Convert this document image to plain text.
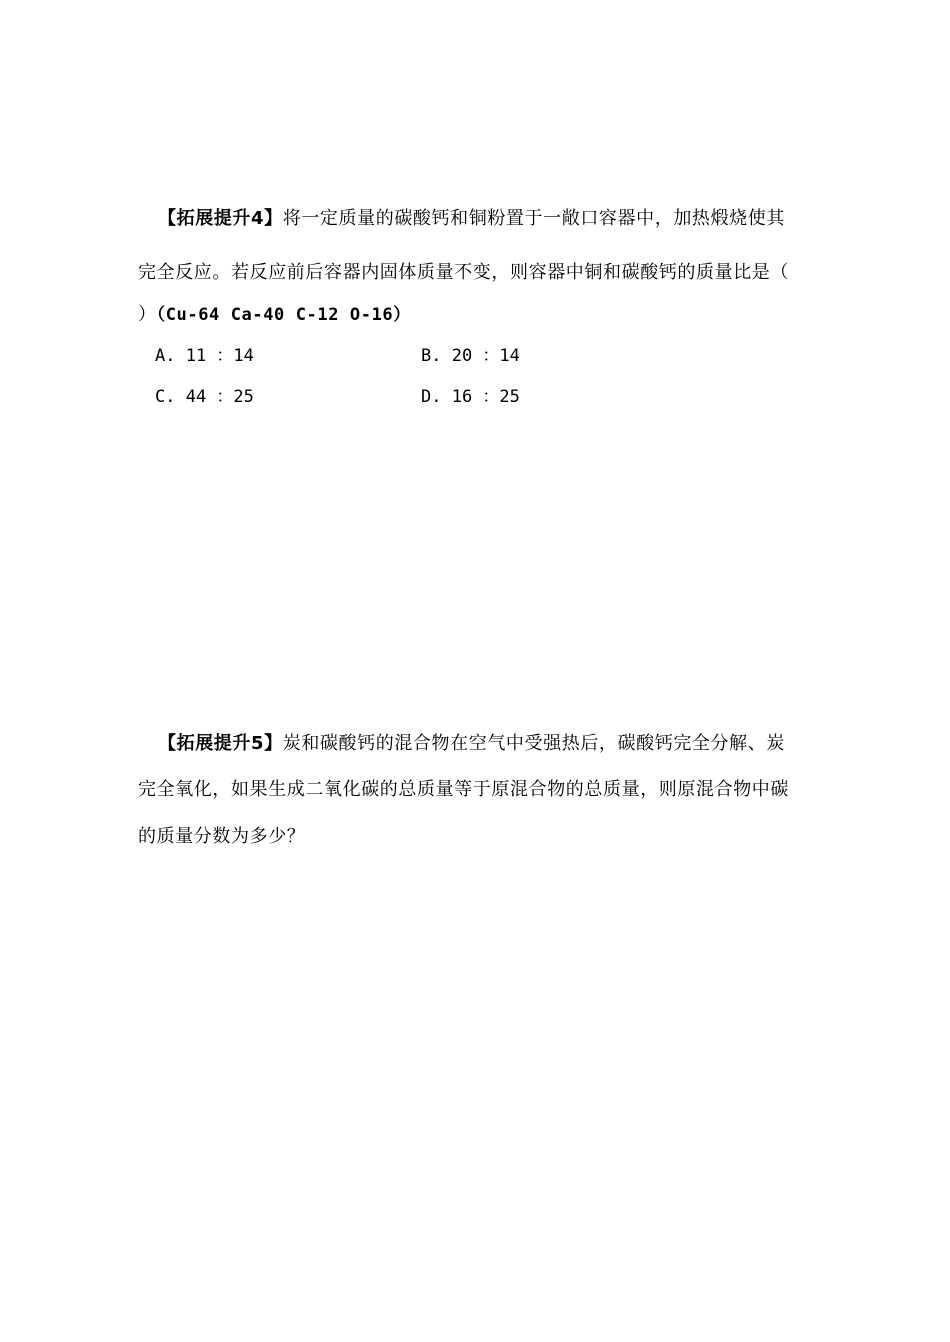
【拓展提升4】将一定质量的碳酸钙和铜粉置于一敞口容器中，加热煅烧使其
完全反应。若反应前后容器内固体质量不变，则容器中铜和碳酸钙的质量比是（
）（Cu-64 Ca-40 C-12 O-16）
A. 11 ：14	B. 20 ：14
C. 44 ：25	D. 16 ：25
【拓展提升5】炭和碳酸钙的混合物在空气中受强热后，碳酸钙完全分解、炭
完全氧化，如果生成二氧化碳的总质量等于原混合物的总质量，则原混合物中碳
的质量分数为多少？
